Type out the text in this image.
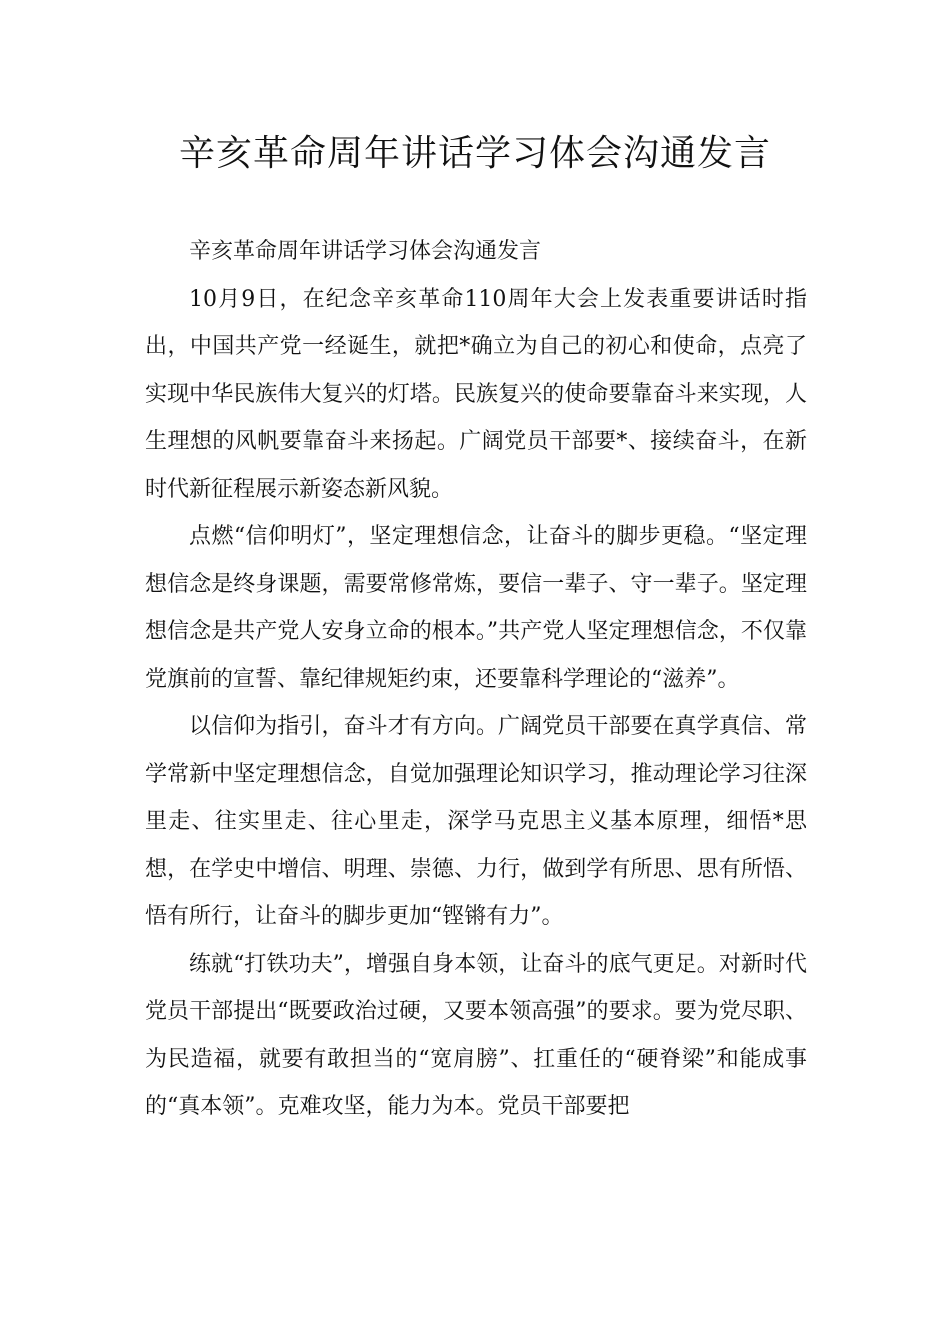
辛亥革命周年讲话学习体会沟通发言

辛亥革命周年讲话学习体会沟通发言

10月9日，在纪念辛亥革命110周年大会上发表重要讲话时指出，中国共产党一经诞生，就把*确立为自己的初心和使命，点亮了实现中华民族伟大复兴的灯塔。民族复兴的使命要靠奋斗来实现，人生理想的风帆要靠奋斗来扬起。广阔党员干部要*、接续奋斗，在新时代新征程展示新姿态新风貌。

点燃“信仰明灯”，坚定理想信念，让奋斗的脚步更稳。“坚定理想信念是终身课题，需要常修常炼，要信一辈子、守一辈子。坚定理想信念是共产党人安身立命的根本。”共产党人坚定理想信念，不仅靠党旗前的宣誓、靠纪律规矩约束，还要靠科学理论的“滋养”。

以信仰为指引，奋斗才有方向。广阔党员干部要在真学真信、常学常新中坚定理想信念，自觉加强理论知识学习，推动理论学习往深里走、往实里走、往心里走，深学马克思主义基本原理，细悟*思想，在学史中增信、明理、崇德、力行，做到学有所思、思有所悟、悟有所行，让奋斗的脚步更加“铿锵有力”。

练就“打铁功夫”，增强自身本领，让奋斗的底气更足。对新时代党员干部提出“既要政治过硬，又要本领高强”的要求。要为党尽职、为民造福，就要有敢担当的“宽肩膀”、扛重任的“硬脊梁”和能成事的“真本领”。克难攻坚，能力为本。党员干部要把
